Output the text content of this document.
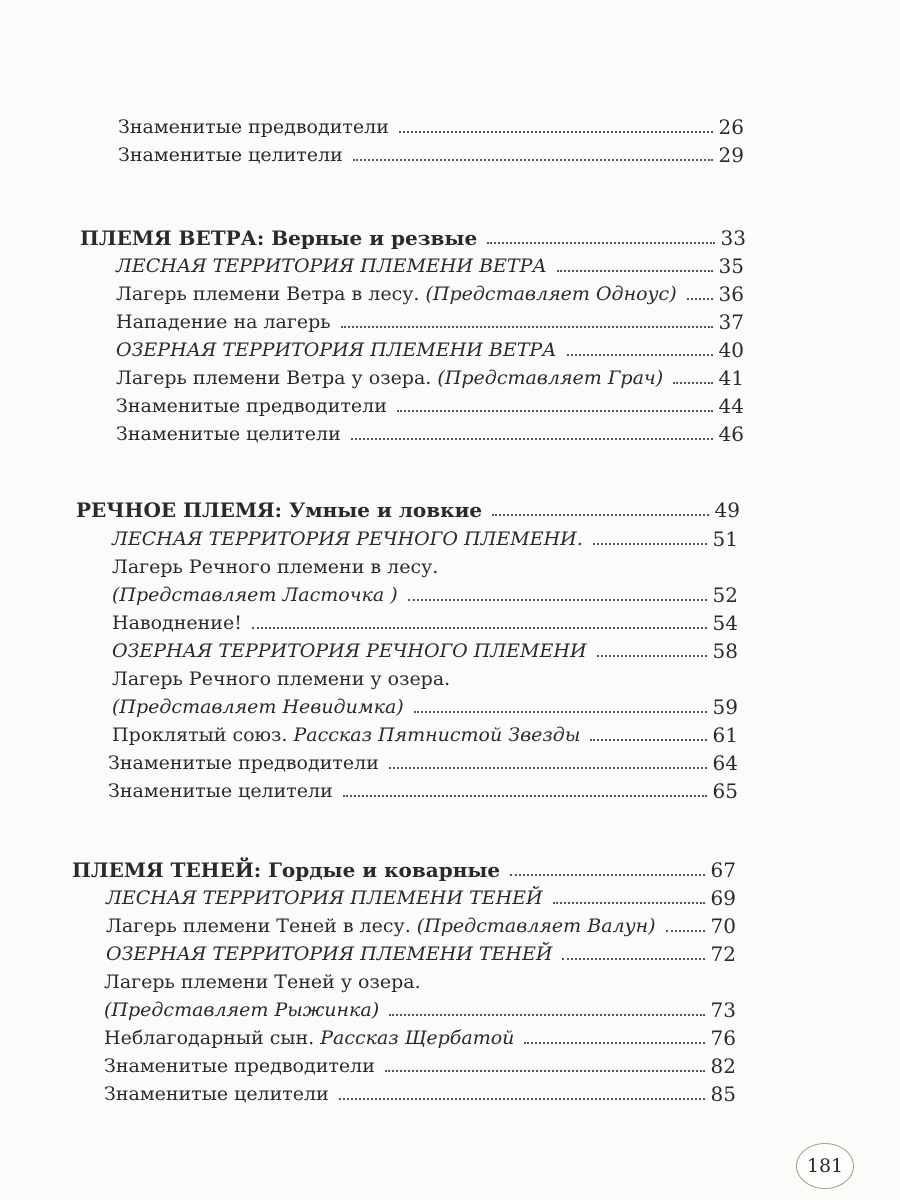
Знаменитые предводители	26
Знаменитые целители	29
ПЛЕМЯ ВЕТРА: Верные и резвые	33
ЛЕСНАЯ ТЕРРИТОРИЯ ПЛЕМЕНИ ВЕТРА	35
Лагерь племени Ветра в лесу. (Представляет Одноус) 36
Нападение на лагерь	37
ОЗЕРНАЯ ТЕРРИТОРИЯ ПЛЕМЕНИ ВЕТРА	40
Лагерь племени Ветра у озера. (Представляет Грач)	41
Знаменитые предводители	44
Знаменитые целители	46
РЕЧНОЕ ПЛЕМЯ: Умные и ловкие	49
ЛЕСНАЯ ТЕРРИТОРИЯ РЕЧНОГО ПЛЕМЕНИ.	51
Лагерь Речного племени в лесу.
(Представляет Ласточка )	52
Наводнение!	54
ОЗЕРНАЯ ТЕРРИТОРИЯ РЕЧНОГО ПЛЕМЕНИ	58
Лагерь Речного племени у озера.
(Представляет Невидимка)	59
Проклятый союз. Рассказ Пятнистой Звезды	61
Знаменитые предводители	64
Знаменитые целители	65
ПЛЕМЯ ТЕНЕЙ: Гордые и коварные	67
ЛЕСНАЯ ТЕРРИТОРИЯ ПЛЕМЕНИ ТЕНЕЙ	69
Лагерь племени Теней в лесу. (Представляет Валун)	70
ОЗЕРНАЯ ТЕРРИТОРИЯ ПЛЕМЕНИ ТЕНЕЙ	72
Лагерь племени Теней у озера.
(Представляет Рыжинка)	73
Неблагодарный сын. Рассказ Щербатой	76
Знаменитые предводители	82
Знаменитые целители	85
181
